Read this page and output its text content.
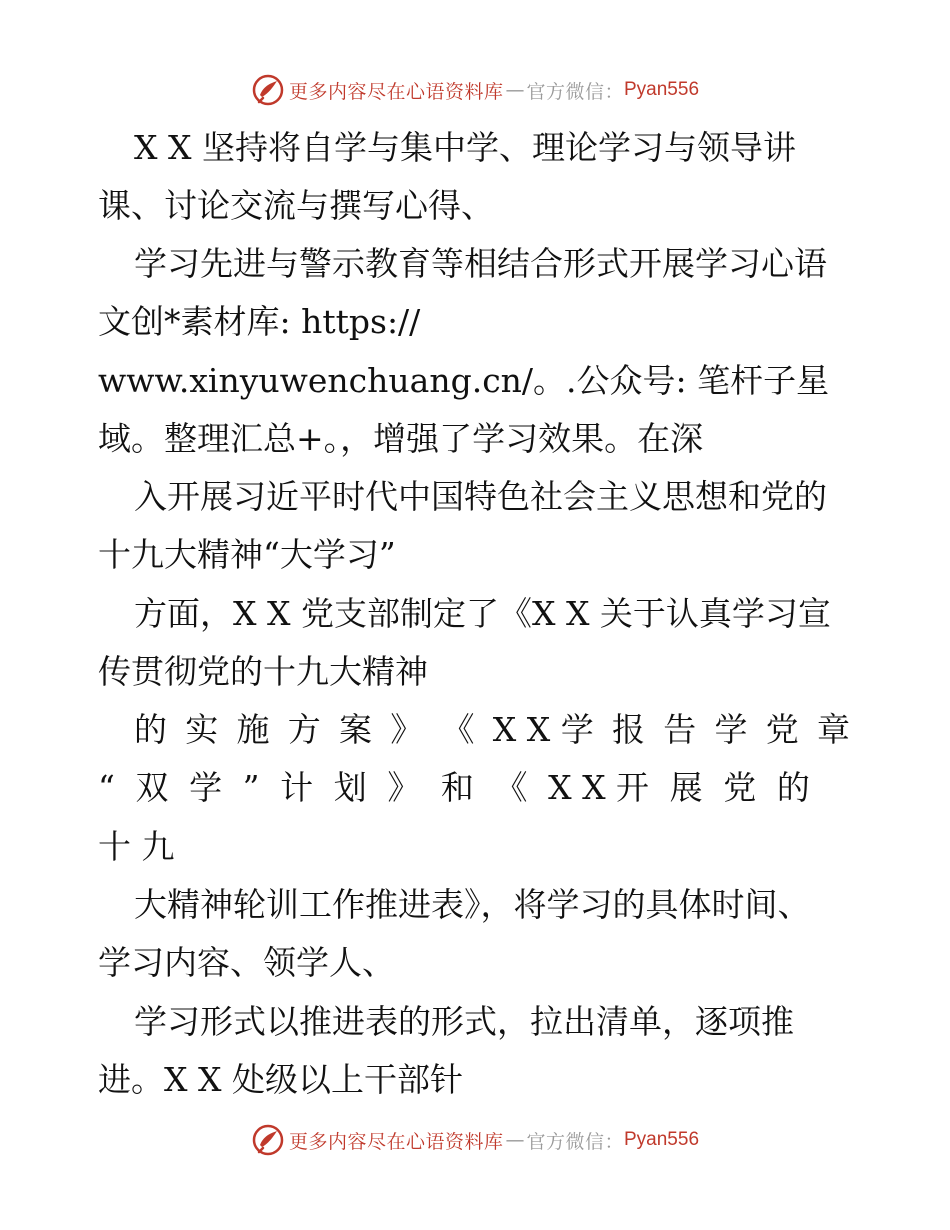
更多内容尽在心语资料库 — 官方微信： Pyan556
X X 坚持将自学与集中学、理论学习与领导讲
课、讨论交流与撰写心得、
学习先进与警示教育等相结合形式开展学习心语
文创*素材库: https://
www.xinyuwenchuang.cn/。.公众号: 笔杆子星
域。整理汇总+。，增强了学习效果。在深
入开展习近平时代中国特色社会主义思想和党的
十九大精神“大学习”
方面，X X 党支部制定了《X X 关于认真学习宣
传贯彻党的十九大精神
的 实 施 方 案 》 《 X X 学 报 告 学 党 章
“ 双 学 ” 计 划 》 和 《 X X 开 展 党 的
十 九
大精神轮训工作推进表》，将学习的具体时间、
学习内容、领学人、
学习形式以推进表的形式，拉出清单，逐项推
进。X X 处级以上干部针
更多内容尽在心语资料库 — 官方微信： Pyan556
